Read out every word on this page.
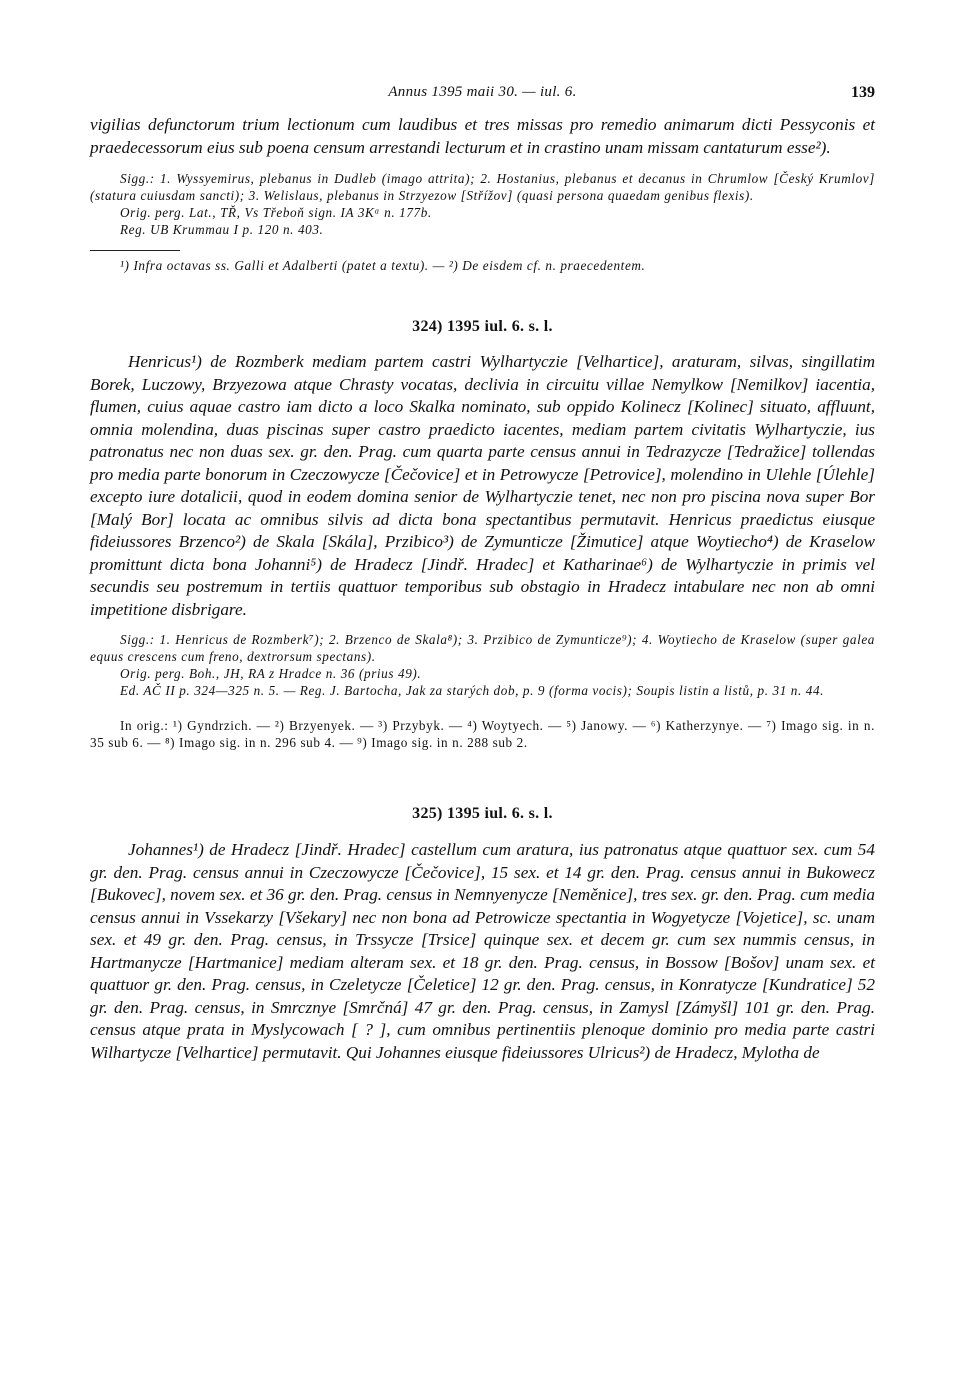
Annus 1395 maii 30. — iul. 6.	139

vigilias defunctorum trium lectionum cum laudibus et tres missas pro remedio animarum dicti Pessyconis et praedecessorum eius sub poena censum arrestandi lecturum et in crastino unam missam cantaturum esse²).

Sigg.: 1. Wyssyemirus, plebanus in Dudleb (imago attrita); 2. Hostanius, plebanus et decanus in Chrumlow [Český Krumlov] (statura cuiusdam sancti); 3. Welislaus, plebanus in Strzyezow [Střížov] (quasi persona quaedam genibus flexis).

Orig. perg. Lat., TŘ, Vs Třeboň sign. IA 3Kᵅ n. 177b.

Reg. UB Krummau I p. 120 n. 403.

¹) Infra octavas ss. Galli et Adalberti (patet a textu). — ²) De eisdem cf. n. praecedentem.

324) 1395 iul. 6. s. l.

Henricus¹) de Rozmberk mediam partem castri Wylhartyczie [Velhartice], araturam, silvas, singillatim Borek, Luczowy, Brzyezowa atque Chrasty vocatas, declivia in circuitu villae Nemylkow [Nemilkov] iacentia, flumen, cuius aquae castro iam dicto a loco Skalka nominato, sub oppido Kolinecz [Kolinec] situato, affluunt, omnia molendina, duas piscinas super castro praedicto iacentes, mediam partem civitatis Wylhartyczie, ius patronatus nec non duas sex. gr. den. Prag. cum quarta parte census annui in Tedrazycze [Tedražice] tollendas pro media parte bonorum in Czeczowycze [Čečovice] et in Petrowycze [Petrovice], molendino in Ulehle [Úlehle] excepto iure dotalicii, quod in eodem domina senior de Wylhartyczie tenet, nec non pro piscina nova super Bor [Malý Bor] locata ac omnibus silvis ad dicta bona spectantibus permutavit. Henricus praedictus eiusque fideiussores Brzenco²) de Skala [Skála], Przibico³) de Zymunticze [Žimutice] atque Woytiecho⁴) de Kraselow promittunt dicta bona Johanni⁵) de Hradecz [Jindř. Hradec] et Katharinae⁶) de Wylhartyczie in primis vel secundis seu postremum in tertiis quattuor temporibus sub obstagio in Hradecz intabulare nec non ab omni impetitione disbrigare.

Sigg.: 1. Henricus de Rozmberk⁷); 2. Brzenco de Skala⁸); 3. Przibico de Zymunticze⁹); 4. Woytiecho de Kraselow (super galea equus crescens cum freno, dextrorsum spectans).

Orig. perg. Boh., JH, RA z Hradce n. 36 (prius 49).

Ed. AČ II p. 324—325 n. 5. — Reg. J. Bartocha, Jak za starých dob, p. 9 (forma vocis); Soupis listin a listů, p. 31 n. 44.

In orig.: ¹) Gyndrzich. — ²) Brzyenyek. — ³) Przybyk. — ⁴) Woytyech. — ⁵) Janowy. — ⁶) Katherzynye. — ⁷) Imago sig. in n. 35 sub 6. — ⁸) Imago sig. in n. 296 sub 4. — ⁹) Imago sig. in n. 288 sub 2.

325) 1395 iul. 6. s. l.

Johannes¹) de Hradecz [Jindř. Hradec] castellum cum aratura, ius patronatus atque quattuor sex. cum 54 gr. den. Prag. census annui in Czeczowycze [Čečovice], 15 sex. et 14 gr. den. Prag. census annui in Bukowecz [Bukovec], novem sex. et 36 gr. den. Prag. census in Nemnyenycze [Neměnice], tres sex. gr. den. Prag. cum media census annui in Vssekarzy [Všekary] nec non bona ad Petrowicze spectantia in Wogyetycze [Vojetice], sc. unam sex. et 49 gr. den. Prag. census, in Trssycze [Trsice] quinque sex. et decem gr. cum sex nummis census, in Hartmanycze [Hartmanice] mediam alteram sex. et 18 gr. den. Prag. census, in Bossow [Bošov] unam sex. et quattuor gr. den. Prag. census, in Czeletycze [Čeletice] 12 gr. den. Prag. census, in Konratycze [Kundratice] 52 gr. den. Prag. census, in Smrcznye [Smrčná] 47 gr. den. Prag. census, in Zamysl [Zámyšl] 101 gr. den. Prag. census atque prata in Myslycowach [ ? ], cum omnibus pertinentiis plenoque dominio pro media parte castri Wilhartycze [Velhartice] permutavit. Qui Johannes eiusque fideiussores Ulricus²) de Hradecz, Mylotha de
